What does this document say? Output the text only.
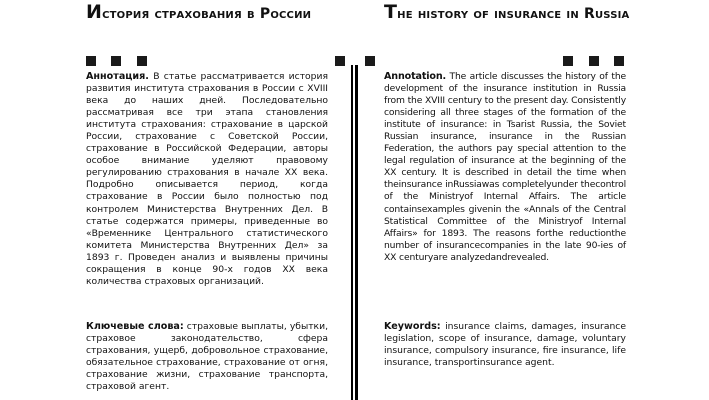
История страхования в России	The history of insurance in Russia
Аннотация. В статье рассматривается история развития института страхования в России с XVIII века до наших дней. Последовательно рассматривая все три этапа становления института страхования: страхование в царской России, страхование с Советской России, страхование в Российской Федерации, авторы особое внимание уделяют правовому регулированию страхования в начале XX века. Подробно описывается период, когда страхование в России было полностью под контролем Министерства Внутренних Дел. В статье содержатся примеры, приведенные во «Временнике Центрального статистического комитета Министерства Внутренних Дел» за 1893 г. Проведен анализ и выявлены причины сокращения в конце 90-х годов XX века количества страховых организаций.
Ключевые слова: страховые выплаты, убытки, страховое законодательство, сфера страхования, ущерб, добровольное страхование, обязательное страхование, страхование от огня, страхование жизни, страхование транспорта, страховой агент.
Annotation. The article discusses the history of the development of the insurance institution in Russia from the XVIII century to the present day. Consistently considering all three stages of the formation of the institute of insurance: in Tsarist Russia, the Soviet Russian insurance, insurance in the Russian Federation, the authors pay special attention to the legal regulation of insurance at the beginning of the XX century. It is described in detail the time when theinsurance inRussiawas completelyunder thecontrol of the Ministryof Internal Affairs. The article containsexamples givenin the «Annals of the Central Statistical Committee of the Ministryof Internal Affairs» for 1893. The reasons forthe reductionthe number of insurancecompanies in the late 90-ies of XX centuryare analyzedandrevealed.
Keywords: insurance claims, damages, insurance legislation, scope of insurance, damage, voluntary insurance, compulsory insurance, fire insurance, life insurance, transportinsurance agent.
